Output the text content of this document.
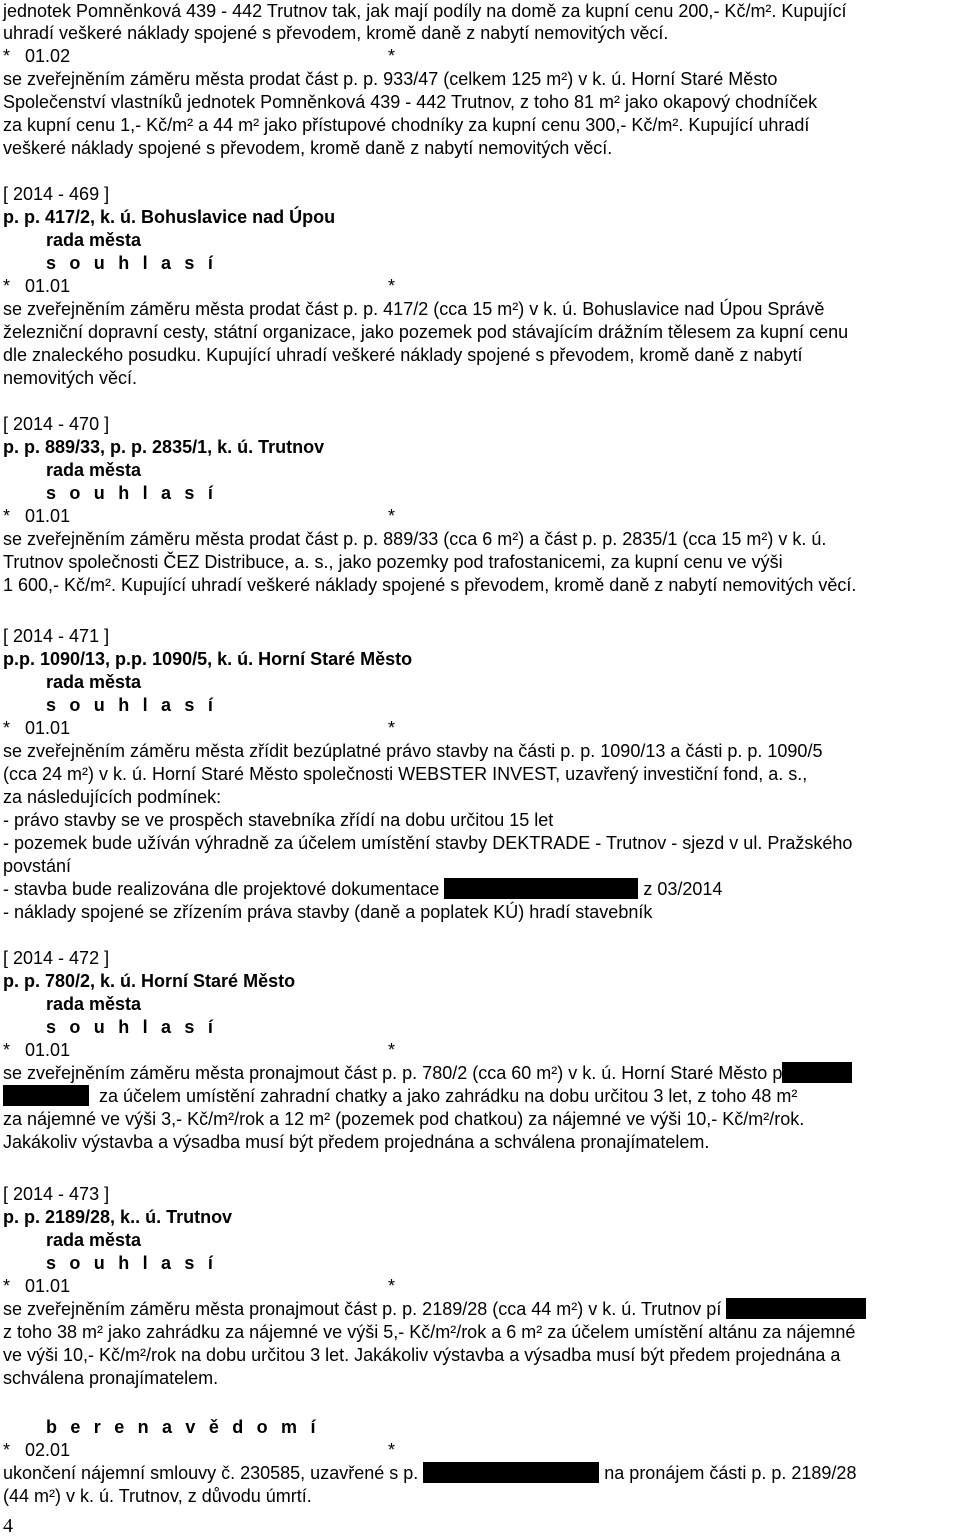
jednotek Pomněnková 439 - 442 Trutnov tak, jak mají podíly na domě za kupní cenu 200,- Kč/m². Kupující
uhradí veškeré náklady spojené s převodem, kromě daně z nabytí nemovitých věcí.
* 01.02	*
se zveřejněním záměru města prodat část p. p. 933/47 (celkem 125 m²) v k. ú. Horní Staré Město
Společenství vlastníků jednotek Pomněnková 439 - 442 Trutnov, z toho 81 m² jako okapový chodníček
za kupní cenu 1,- Kč/m² a 44 m² jako přístupové chodníky za kupní cenu 300,- Kč/m². Kupující uhradí
veškeré náklady spojené s převodem, kromě daně z nabytí nemovitých věcí.
[ 2014 - 469 ]
p. p. 417/2, k. ú. Bohuslavice nad Úpou
rada města
s o u h l a s í
* 01.01	*
se zveřejněním záměru města prodat část p. p. 417/2 (cca 15 m²) v k. ú. Bohuslavice nad Úpou Správě
železniční dopravní cesty, státní organizace, jako pozemek pod stávajícím drážním tělesem za kupní cenu
dle znaleckého posudku. Kupující uhradí veškeré náklady spojené s převodem, kromě daně z nabytí
nemovitých věcí.
[ 2014 - 470 ]
p. p. 889/33, p. p. 2835/1, k. ú. Trutnov
rada města
s o u h l a s í
* 01.01	*
se zveřejněním záměru města prodat část p. p. 889/33 (cca 6 m²) a část p. p. 2835/1 (cca 15 m²) v k. ú.
Trutnov společnosti ČEZ Distribuce, a. s., jako pozemky pod trafostanicemi, za kupní cenu ve výši
1 600,- Kč/m². Kupující uhradí veškeré náklady spojené s převodem, kromě daně z nabytí nemovitých věcí.
[ 2014 - 471 ]
p.p. 1090/13, p.p. 1090/5, k. ú. Horní Staré Město
rada města
s o u h l a s í
* 01.01	*
se zveřejněním záměru města zřídit bezúplatné právo stavby na části p. p. 1090/13 a části p. p. 1090/5
(cca 24 m²) v k. ú. Horní Staré Město společnosti WEBSTER INVEST, uzavřený investiční fond, a. s.,
za následujících podmínek:
- právo stavby se ve prospěch stavebníka zřídí na dobu určitou 15 let
- pozemek bude užíván výhradně za účelem umístění stavby DEKTRADE - Trutnov - sjezd v ul. Pražského
povstání
- stavba bude realizována dle projektové dokumentace	z 03/2014
- náklady spojené se zřízením práva stavby (daně a poplatek KÚ) hradí stavebník
[ 2014 - 472 ]
p. p. 780/2, k. ú. Horní Staré Město
rada města
s o u h l a s í
* 01.01	*
se zveřejněním záměru města pronajmout část p. p. 780/2 (cca 60 m²) v k. ú. Horní Staré Město p
za účelem umístění zahradní chatky a jako zahrádku na dobu určitou 3 let, z toho 48 m²
za nájemné ve výši 3,- Kč/m²/rok a 12 m² (pozemek pod chatkou) za nájemné ve výši 10,- Kč/m²/rok.
Jakákoliv výstavba a výsadba musí být předem projednána a schválena pronajímatelem.
[ 2014 - 473 ]
p. p. 2189/28, k.. ú. Trutnov
rada města
s o u h l a s í
* 01.01	*
se zveřejněním záměru města pronajmout část p. p. 2189/28 (cca 44 m²) v k. ú. Trutnov pí
z toho 38 m² jako zahrádku za nájemné ve výši 5,- Kč/m²/rok a 6 m² za účelem umístění altánu za nájemné
ve výši 10,- Kč/m²/rok na dobu určitou 3 let. Jakákoliv výstavba a výsadba musí být předem projednána a
schválena pronajímatelem.
b e r e n a v ě d o m í
* 02.01	*
ukončení nájemní smlouvy č. 230585, uzavřené s p.	na pronájem části p. p. 2189/28
(44 m²) v k. ú. Trutnov, z důvodu úmrtí.
4
